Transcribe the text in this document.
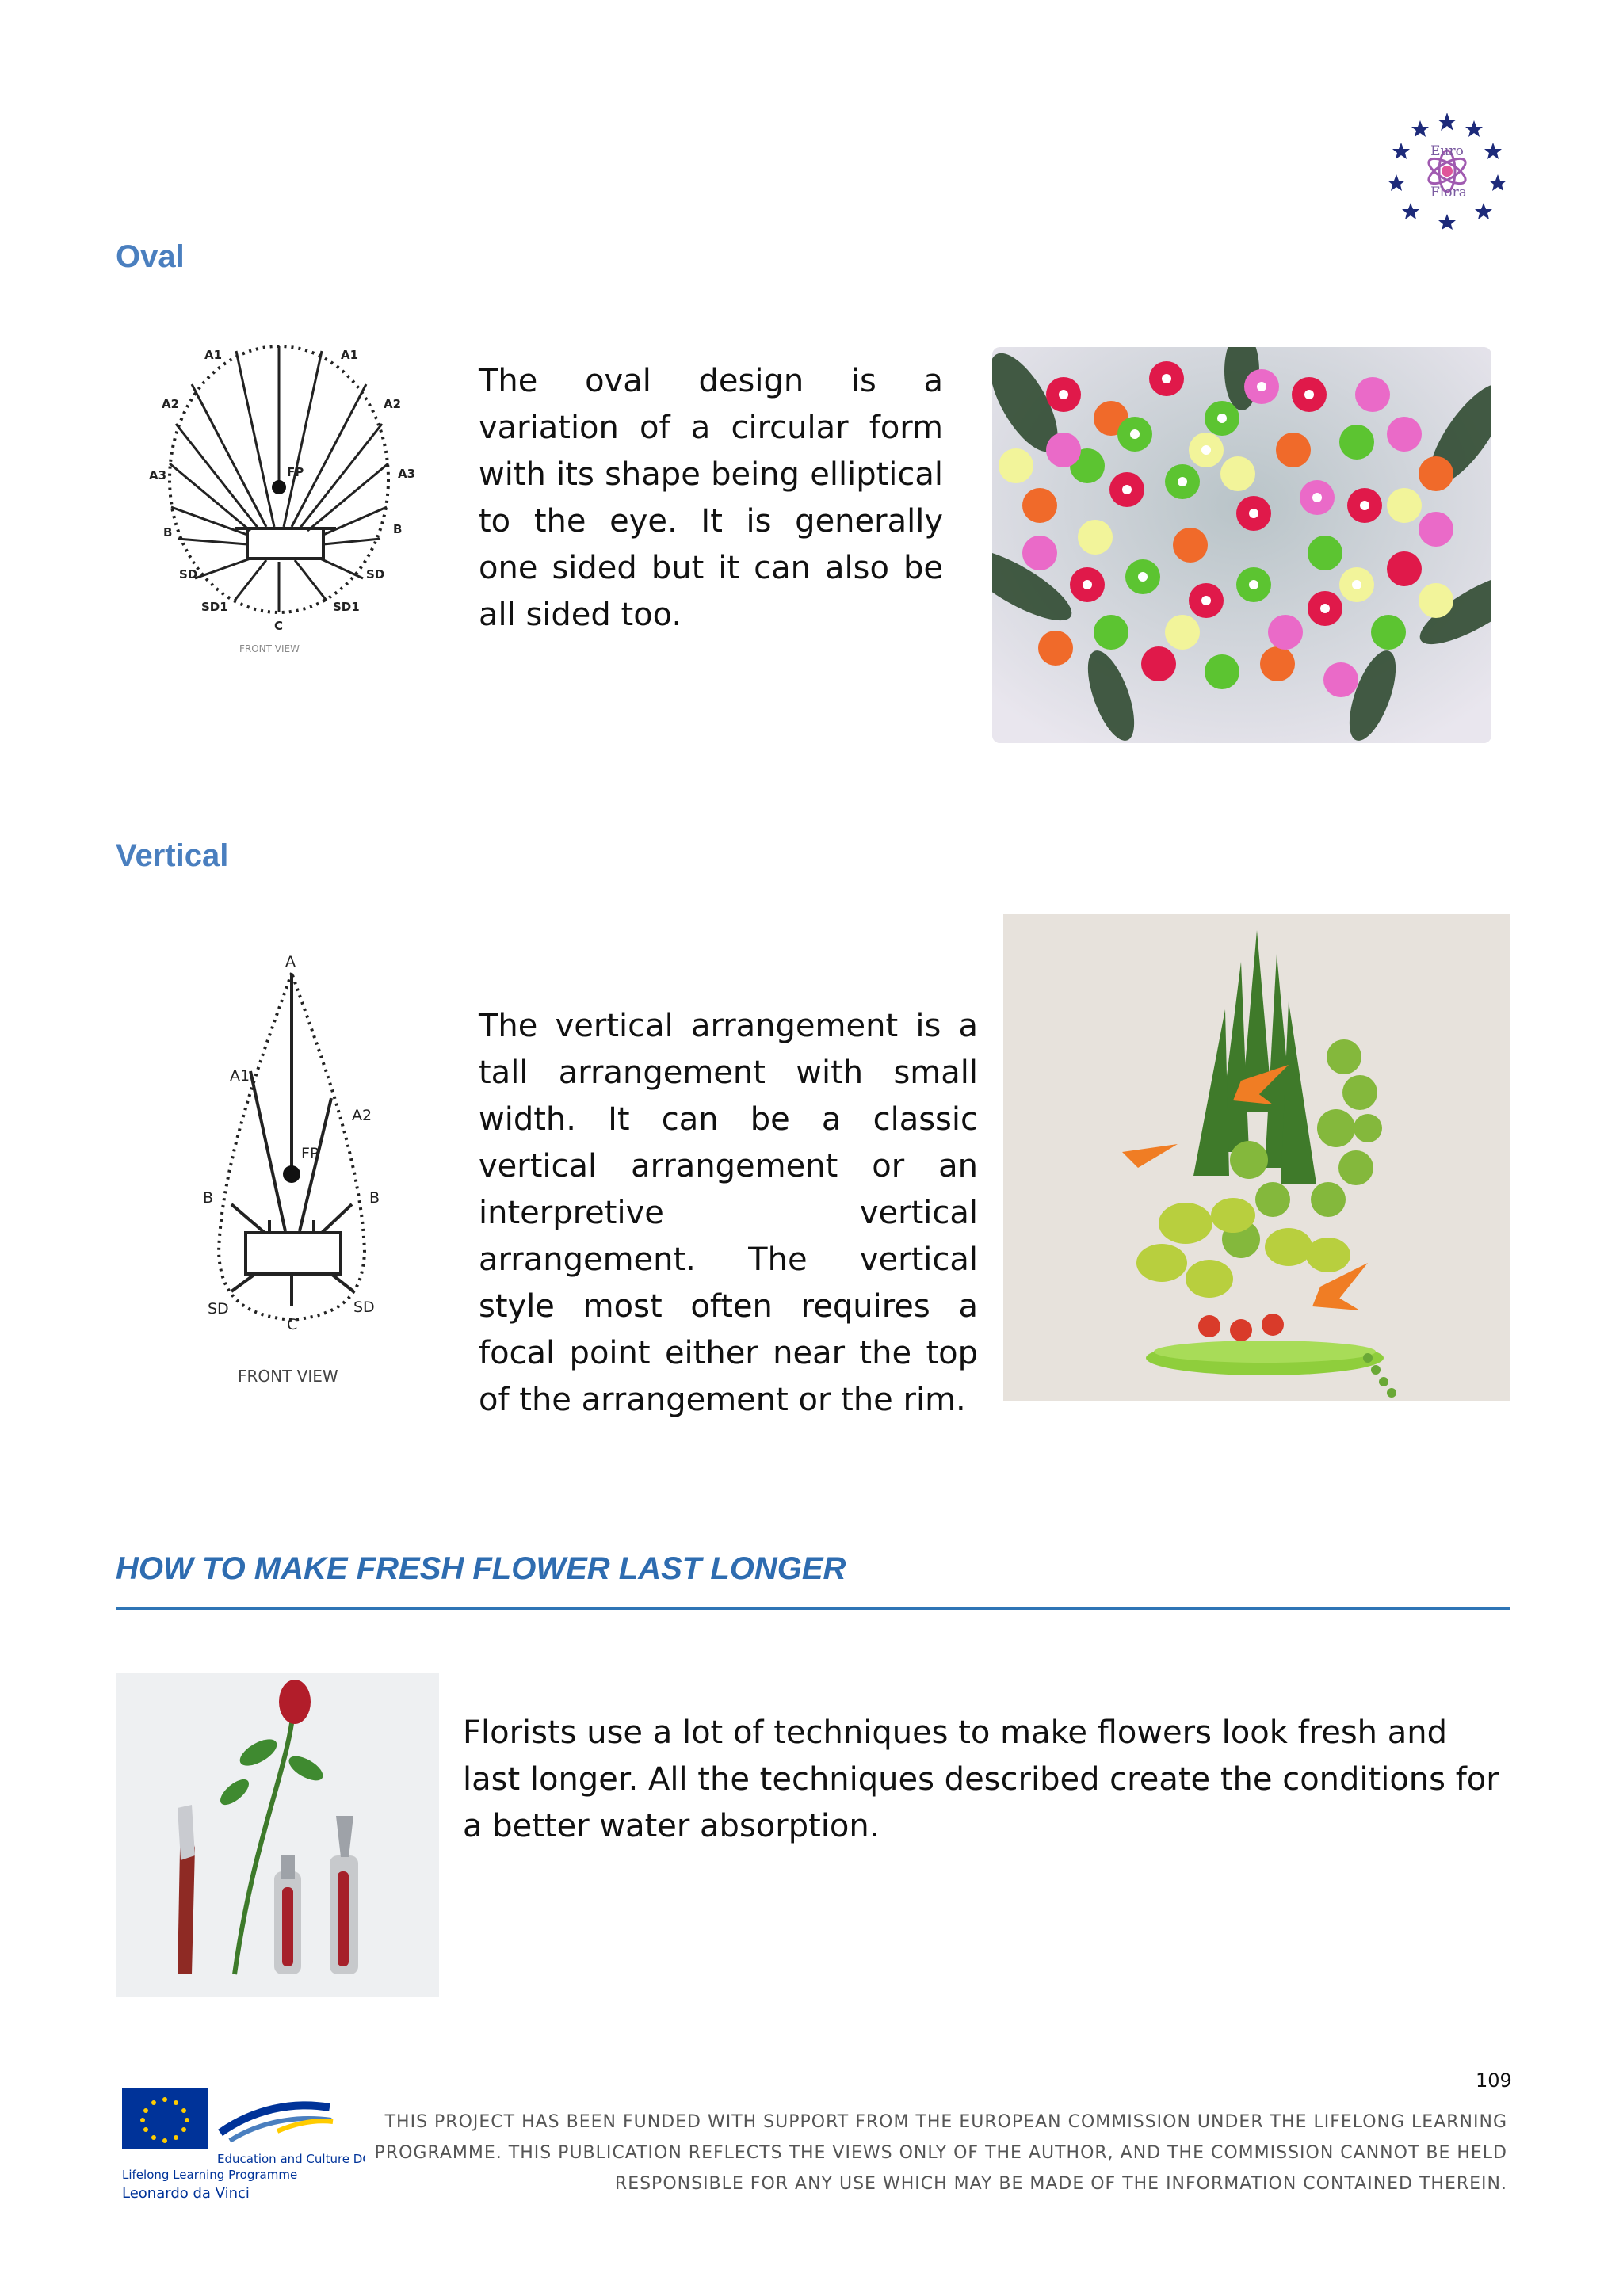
Euro
Flora
Oval
A1	A1
A2	A2
A3	A3
FP
B	B
SD	SD
SD1	SD1
C
FRONT VIEW
The oval design is a variation of a circular form with its shape being elliptical to the eye. It is generally one sided but it can also be all sided too.
Vertical
A
A1
A2
FP
B	B
SD	SD
C
FRONT VIEW
The vertical arrangement is a tall arrangement with small width. It can be a classic vertical arrangement or an interpretive vertical arrangement. The vertical style most often requires a focal point either near the top of the arrangement or the rim.
HOW TO MAKE FRESH FLOWER LAST LONGER
Florists use a lot of techniques to make flowers look fresh and last longer. All the techniques described create the conditions for a better water absorption.
109
Education and Culture DG
Lifelong Learning Programme
Leonardo da Vinci
THIS PROJECT HAS BEEN FUNDED WITH SUPPORT FROM THE EUROPEAN COMMISSION UNDER THE LIFELONG LEARNING
PROGRAMME. THIS PUBLICATION REFLECTS THE VIEWS ONLY OF THE AUTHOR, AND THE COMMISSION CANNOT BE HELD
RESPONSIBLE FOR ANY USE WHICH MAY BE MADE OF THE INFORMATION CONTAINED THEREIN.
